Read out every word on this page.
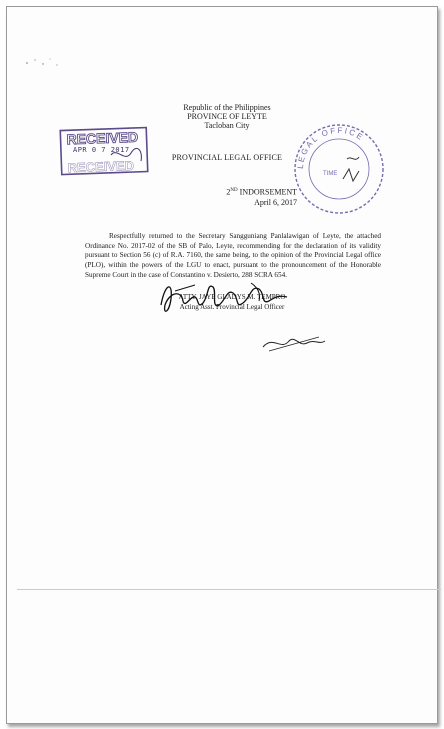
Republic of the Philippines
PROVINCE OF LEYTE
Tacloban City
PROVINCIAL LEGAL OFFICE
2ND INDORSEMENT
April 6, 2017

Respectfully returned to the Secretary Sangguniang Panlalawigan of Leyte, the attached Ordinance No. 2017-02 of the SB of Palo, Leyte, recommending for the declaration of its validity pursuant to Section 56 (c) of R.A. 7160, the same being, to the opinion of the Provincial Legal office (PLO), within the powers of the LGU to enact, pursuant to the pronouncement of the Honorable Supreme Court in the case of Constantino v. Desierto, 288 SCRA 654.

ATTY. JAYE GLADYS M. TEMPRO
Acting Asst. Provincial Legal Officer
RECEIVED
RECEIVED
APR 0 7 2017
LEGAL OFFICE
TIME
